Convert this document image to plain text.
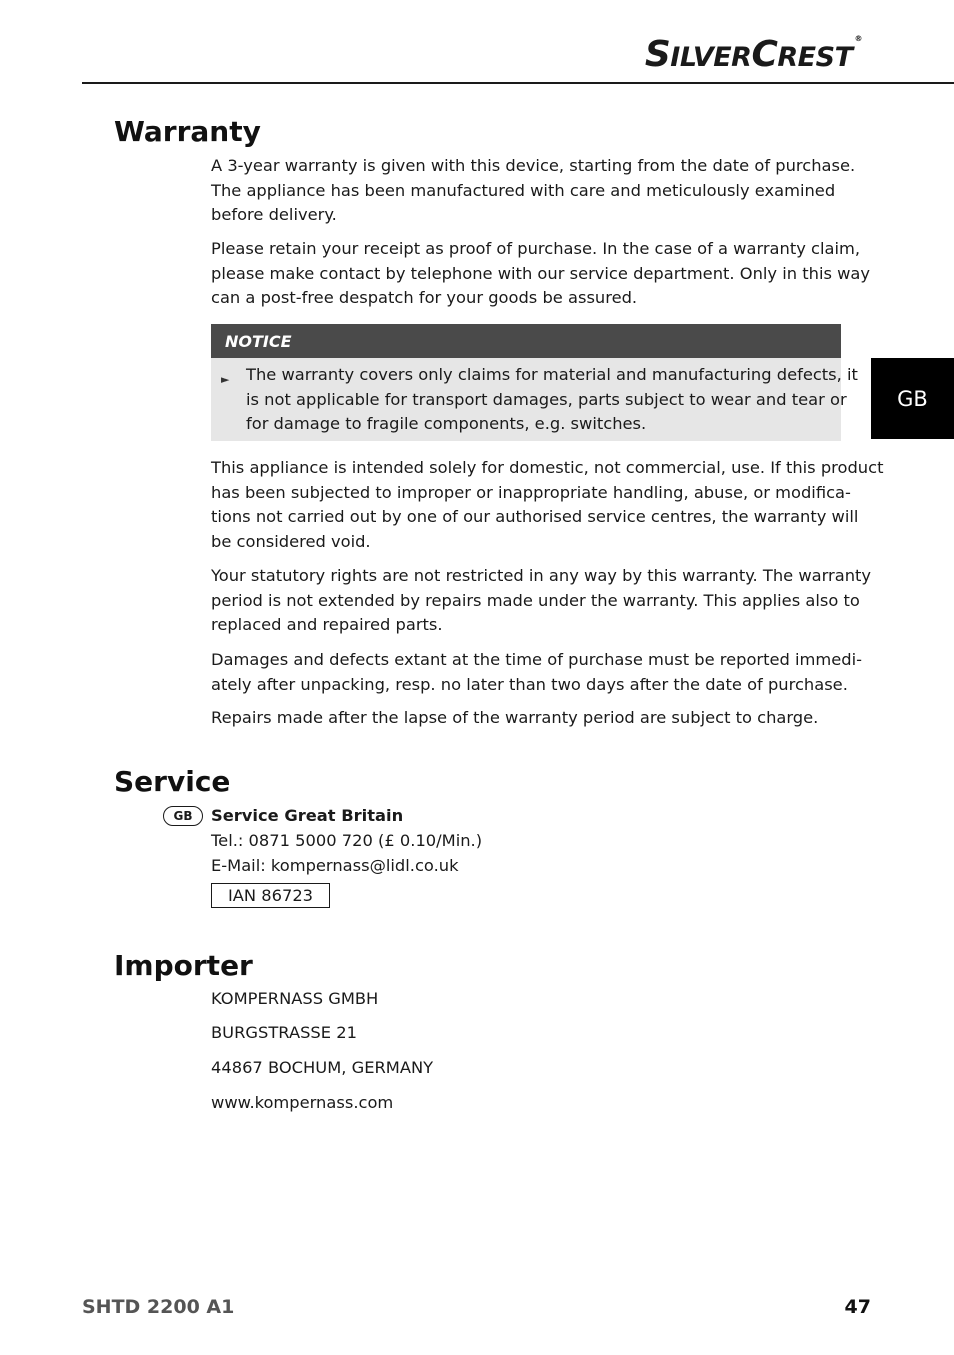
SILVERCREST®
GB
Warranty

A 3-year warranty is given with this device, starting from the date of purchase.
The appliance has been manufactured with care and meticulously examined
before delivery.

Please retain your receipt as proof of purchase. In the case of a warranty claim,
please make contact by telephone with our service department. Only in this way
can a post-free despatch for your goods be assured.

NOTICE
► The warranty covers only claims for material and manufacturing defects, it
is not applicable for transport damages, parts subject to wear and tear or
for damage to fragile components, e.g. switches.

This appliance is intended solely for domestic, not commercial, use. If this product
has been subjected to improper or inappropriate handling, abuse, or modifica-
tions not carried out by one of our authorised service centres, the warranty will
be considered void.

Your statutory rights are not restricted in any way by this warranty. The warranty
period is not extended by repairs made under the warranty. This applies also to
replaced and repaired parts.

Damages and defects extant at the time of purchase must be reported immedi-
ately after unpacking, resp. no later than two days after the date of purchase.

Repairs made after the lapse of the warranty period are subject to charge.

Service
GB	Service Great Britain
Tel.: 0871 5000 720 (£ 0.10/Min.)
E-Mail: kompernass@lidl.co.uk
IAN 86723
Importer
KOMPERNASS GMBH
BURGSTRASSE 21
44867 BOCHUM, GERMANY
www.kompernass.com
SHTD 2200 A1	47
